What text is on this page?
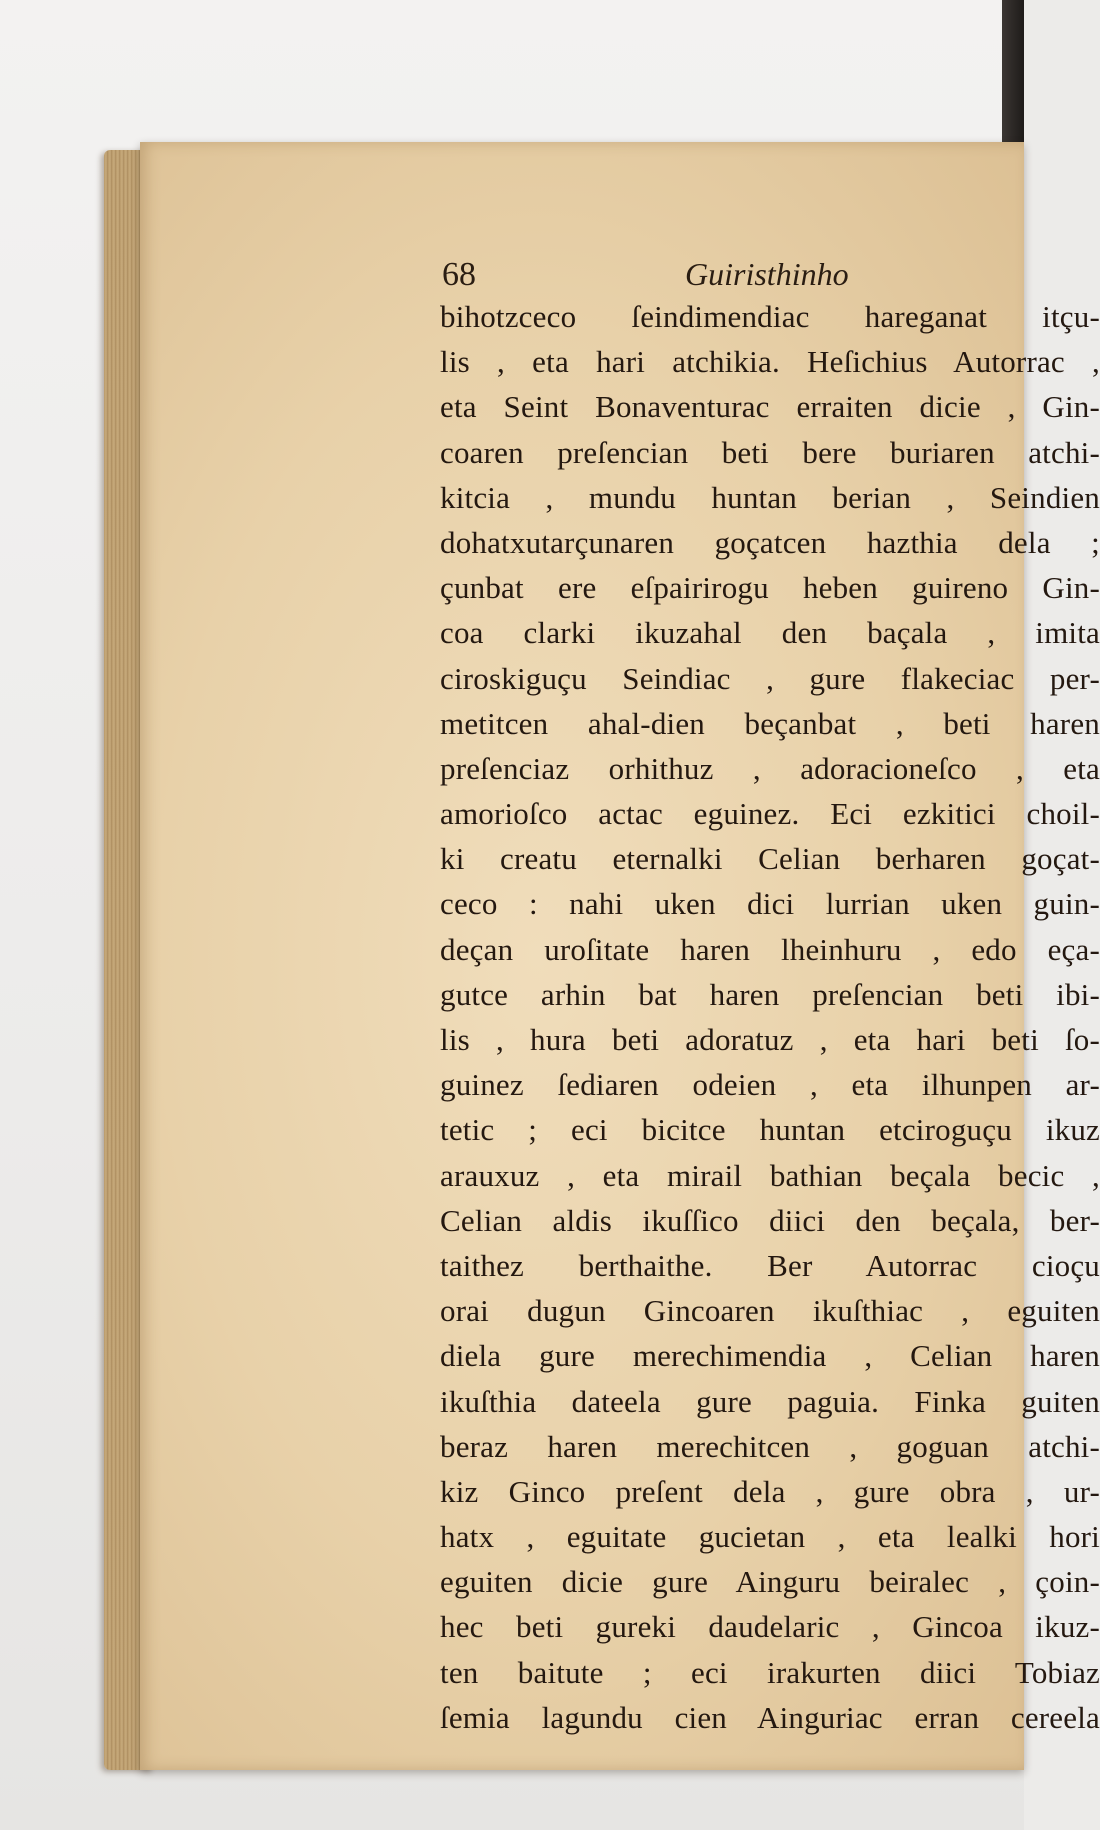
68	Guiristhinho
bihotzceco ſeindimendiac hareganat itçu-
lis , eta hari atchikia. Heſichius Autorrac ,
eta Seint Bonaventurac erraiten dicie , Gin-
coaren preſencian beti bere buriaren atchi-
kitcia , mundu huntan berian , Seindien
dohatxutarçunaren goçatcen hazthia dela ;
çunbat ere eſpairirogu heben guireno Gin-
coa clarki ikuzahal den baçala , imita
ciroskiguçu Seindiac , gure flakeciac per-
metitcen ahal-dien beçanbat , beti haren
preſenciaz orhithuz , adoracioneſco , eta
amorioſco actac eguinez. Eci ezkitici choil-
ki creatu eternalki Celian berharen goçat-
ceco : nahi uken dici lurrian uken guin-
deçan uroſitate haren lheinhuru , edo eça-
gutce arhin bat haren preſencian beti ibi-
lis , hura beti adoratuz , eta hari beti ſo-
guinez ſediaren odeien , eta ilhunpen ar-
tetic ; eci bicitce huntan etciroguçu ikuz
arauxuz , eta mirail bathian beçala becic ,
Celian aldis ikuſſico diici den beçala, ber-
taithez berthaithe. Ber Autorrac cioçu
orai dugun Gincoaren ikuſthiac , eguiten
diela gure merechimendia , Celian haren
ikuſthia dateela gure paguia. Finka guiten
beraz haren merechitcen , goguan atchi-
kiz Ginco preſent dela , gure obra , ur-
hatx , eguitate gucietan , eta lealki hori
eguiten dicie gure Ainguru beiralec , çoin-
hec beti gureki daudelaric , Gincoa ikuz-
ten baitute ; eci irakurten diici Tobiaz
ſemia lagundu cien Ainguriac erran cereela
